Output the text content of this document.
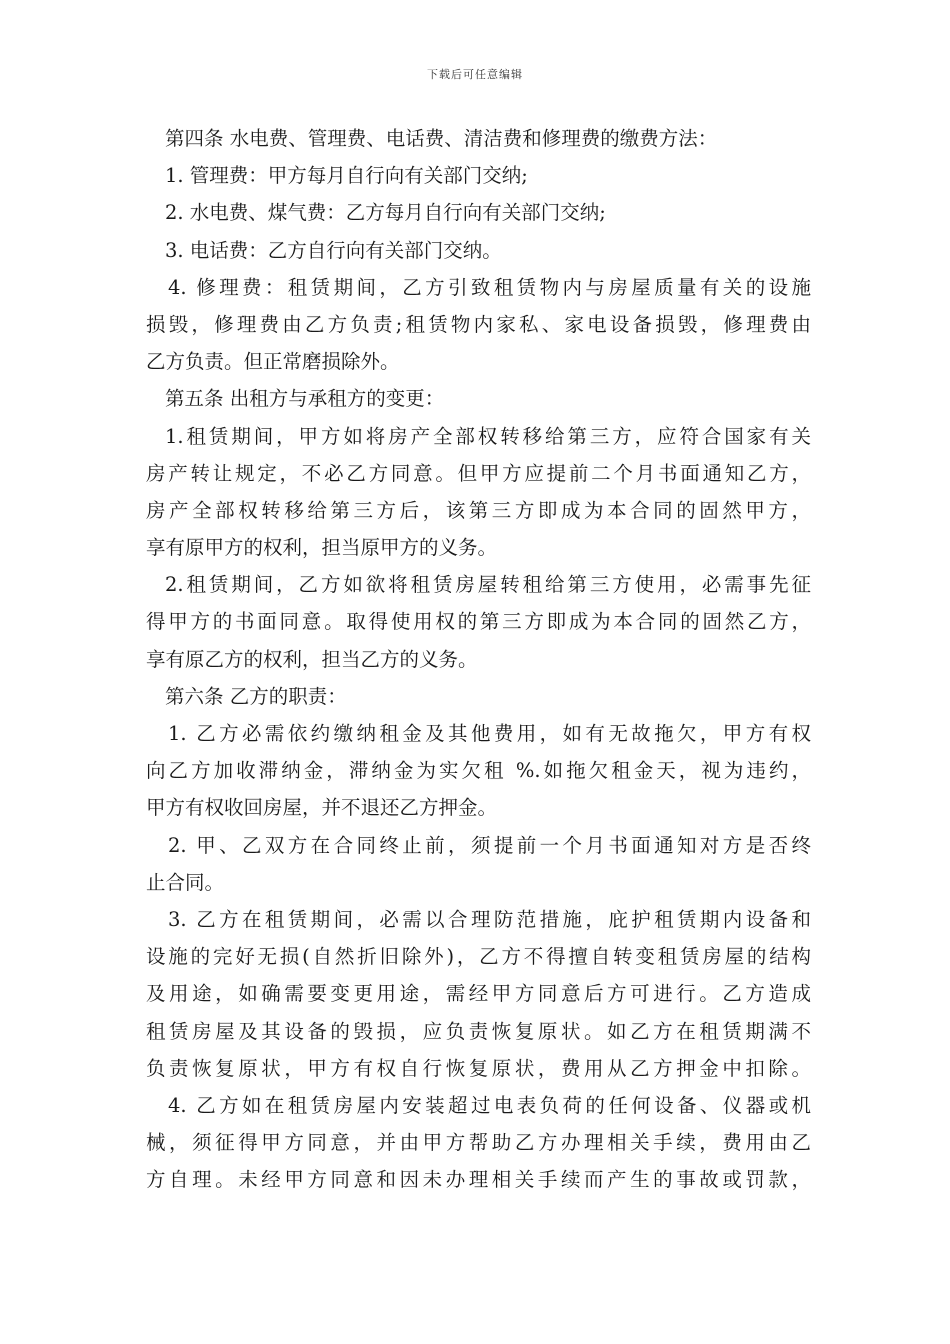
下载后可任意编辑
第四条 水电费、管理费、电话费、清洁费和修理费的缴费方法：
1. 管理费：甲方每月自行向有关部门交纳;
2. 水电费、煤气费：乙方每月自行向有关部门交纳;
3. 电话费：乙方自行向有关部门交纳。
4. 修理费：租赁期间，乙方引致租赁物内与房屋质量有关的设施
损毁，修理费由乙方负责;租赁物内家私、家电设备损毁，修理费由
乙方负责。但正常磨损除外。
第五条 出租方与承租方的变更：
1.租赁期间，甲方如将房产全部权转移给第三方，应符合国家有关
房产转让规定，不必乙方同意。但甲方应提前二个月书面通知乙方，
房产全部权转移给第三方后，该第三方即成为本合同的固然甲方，
享有原甲方的权利，担当原甲方的义务。
2.租赁期间，乙方如欲将租赁房屋转租给第三方使用，必需事先征
得甲方的书面同意。取得使用权的第三方即成为本合同的固然乙方，
享有原乙方的权利，担当乙方的义务。
第六条 乙方的职责：
1. 乙方必需依约缴纳租金及其他费用，如有无故拖欠，甲方有权
向乙方加收滞纳金，滞纳金为实欠租 %.如拖欠租金天，视为违约，
甲方有权收回房屋，并不退还乙方押金。
2. 甲、乙双方在合同终止前，须提前一个月书面通知对方是否终
止合同。
3. 乙方在租赁期间，必需以合理防范措施，庇护租赁期内设备和
设施的完好无损(自然折旧除外)，乙方不得擅自转变租赁房屋的结构
及用途，如确需要变更用途，需经甲方同意后方可进行。乙方造成
租赁房屋及其设备的毁损，应负责恢复原状。如乙方在租赁期满不
负责恢复原状，甲方有权自行恢复原状，费用从乙方押金中扣除。
4. 乙方如在租赁房屋内安装超过电表负荷的任何设备、仪器或机
械，须征得甲方同意，并由甲方帮助乙方办理相关手续，费用由乙
方自理。未经甲方同意和因未办理相关手续而产生的事故或罚款，
